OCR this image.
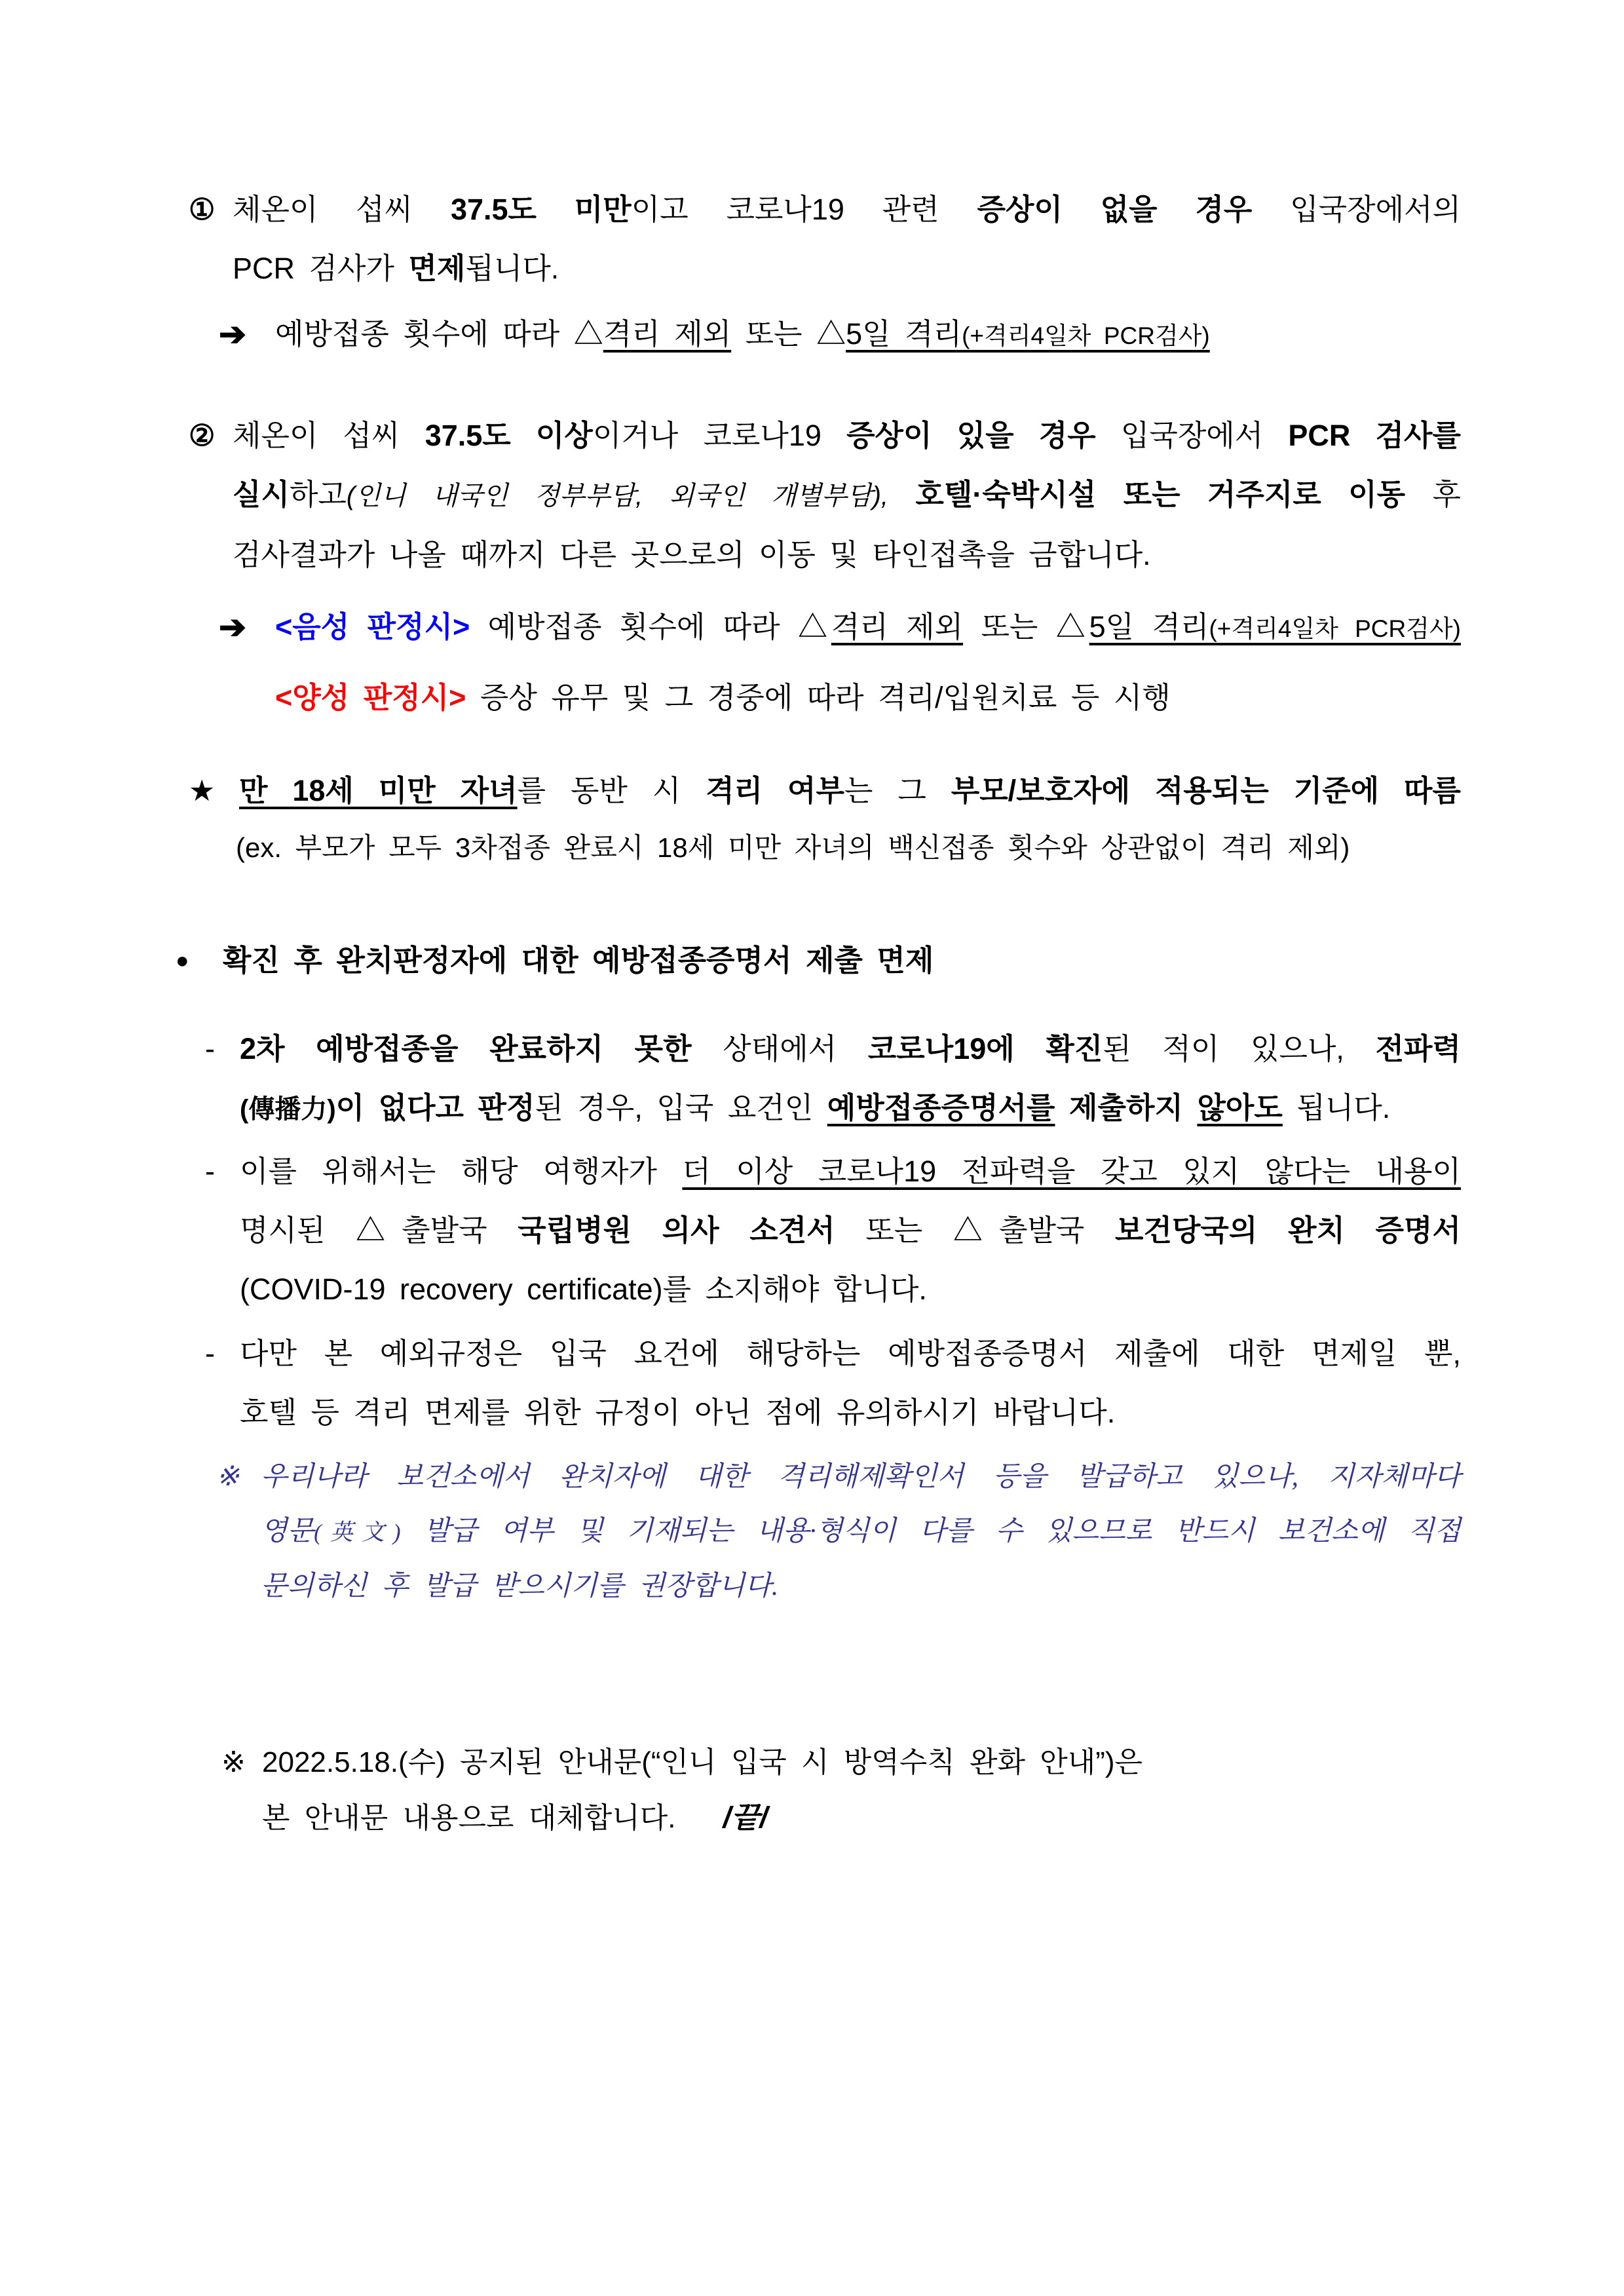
① 체온이 섭씨 37.5도 미만이고 코로나19 관련 증상이 없을 경우 입국장에서의
PCR 검사가 면제됩니다.
➔ 예방접종 횟수에 따라 △격리 제외 또는 △5일 격리(+격리4일차 PCR검사)
② 체온이 섭씨 37.5도 이상이거나 코로나19 증상이 있을 경우 입국장에서 PCR 검사를
실시하고(인니 내국인 정부부담, 외국인 개별부담), 호텔·숙박시설 또는 거주지로 이동 후
검사결과가 나올 때까지 다른 곳으로의 이동 및 타인접촉을 금합니다.
➔ <음성 판정시> 예방접종 횟수에 따라 △격리 제외 또는 △5일 격리(+격리4일차 PCR검사)
<양성 판정시> 증상 유무 및 그 경중에 따라 격리/입원치료 등 시행
★ 만 18세 미만 자녀를 동반 시 격리 여부는 그 부모/보호자에 적용되는 기준에 따름
(ex. 부모가 모두 3차접종 완료시 18세 미만 자녀의 백신접종 횟수와 상관없이 격리 제외)
● 확진 후 완치판정자에 대한 예방접종증명서 제출 면제
- 2차 예방접종을 완료하지 못한 상태에서 코로나19에 확진된 적이 있으나, 전파력
(傳播力)이 없다고 판정된 경우, 입국 요건인 예방접종증명서를 제출하지 않아도 됩니다.
- 이를 위해서는 해당 여행자가 더 이상 코로나19 전파력을 갖고 있지 않다는 내용이
명시된 △출발국 국립병원 의사 소견서 또는 △출발국 보건당국의 완치 증명서
(COVID-19 recovery certificate)를 소지해야 합니다.
- 다만 본 예외규정은 입국 요건에 해당하는 예방접종증명서 제출에 대한 면제일 뿐,
호텔 등 격리 면제를 위한 규정이 아닌 점에 유의하시기 바랍니다.
※ 우리나라 보건소에서 완치자에 대한 격리해제확인서 등을 발급하고 있으나, 지자체마다
영문(英文) 발급 여부 및 기재되는 내용·형식이 다를 수 있으므로 반드시 보건소에 직접
문의하신 후 발급 받으시기를 권장합니다.
※ 2022.5.18.(수) 공지된 안내문(“인니 입국 시 방역수칙 완화 안내”)은
본 안내문 내용으로 대체합니다. /끝/
